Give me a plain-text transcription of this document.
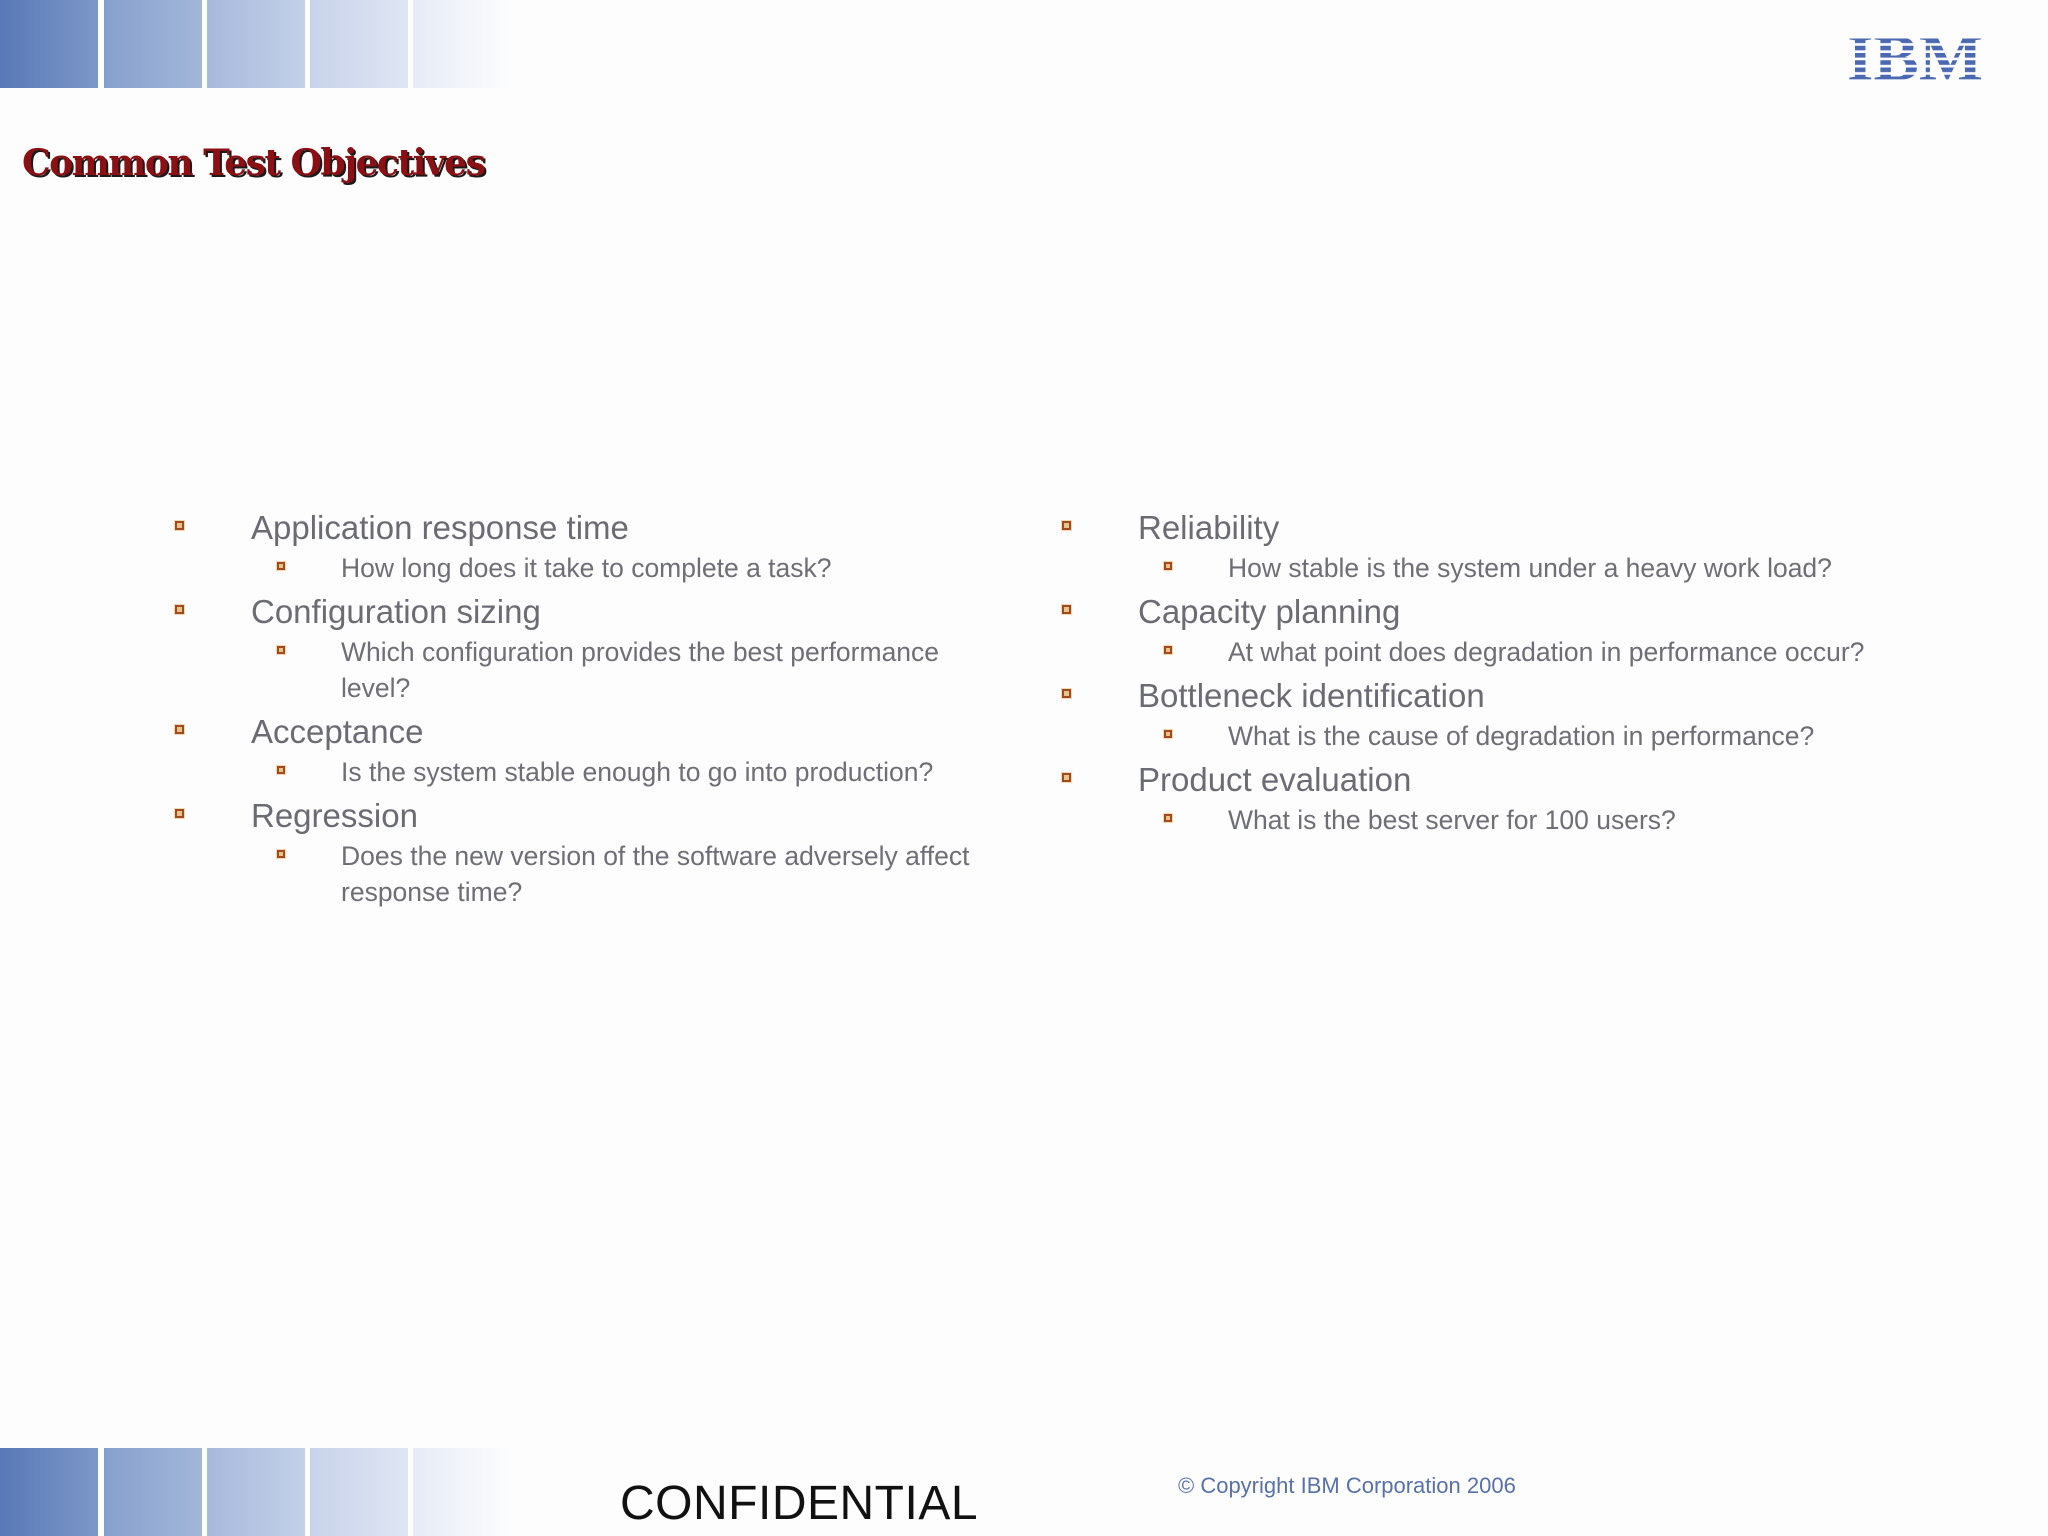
IBM
Common Test Objectives
Application response time
How long does it take to complete a task?
Configuration sizing
Which configuration provides the best performance level?
Acceptance
Is the system stable enough to go into production?
Regression
Does the new version of the software adversely affect response time?
Reliability
How stable is the system under a heavy work load?
Capacity planning
At what point does degradation in performance occur?
Bottleneck identification
What is the cause of degradation in performance?
Product evaluation
What is the best server for 100 users?
CONFIDENTIAL	© Copyright IBM Corporation 2006
